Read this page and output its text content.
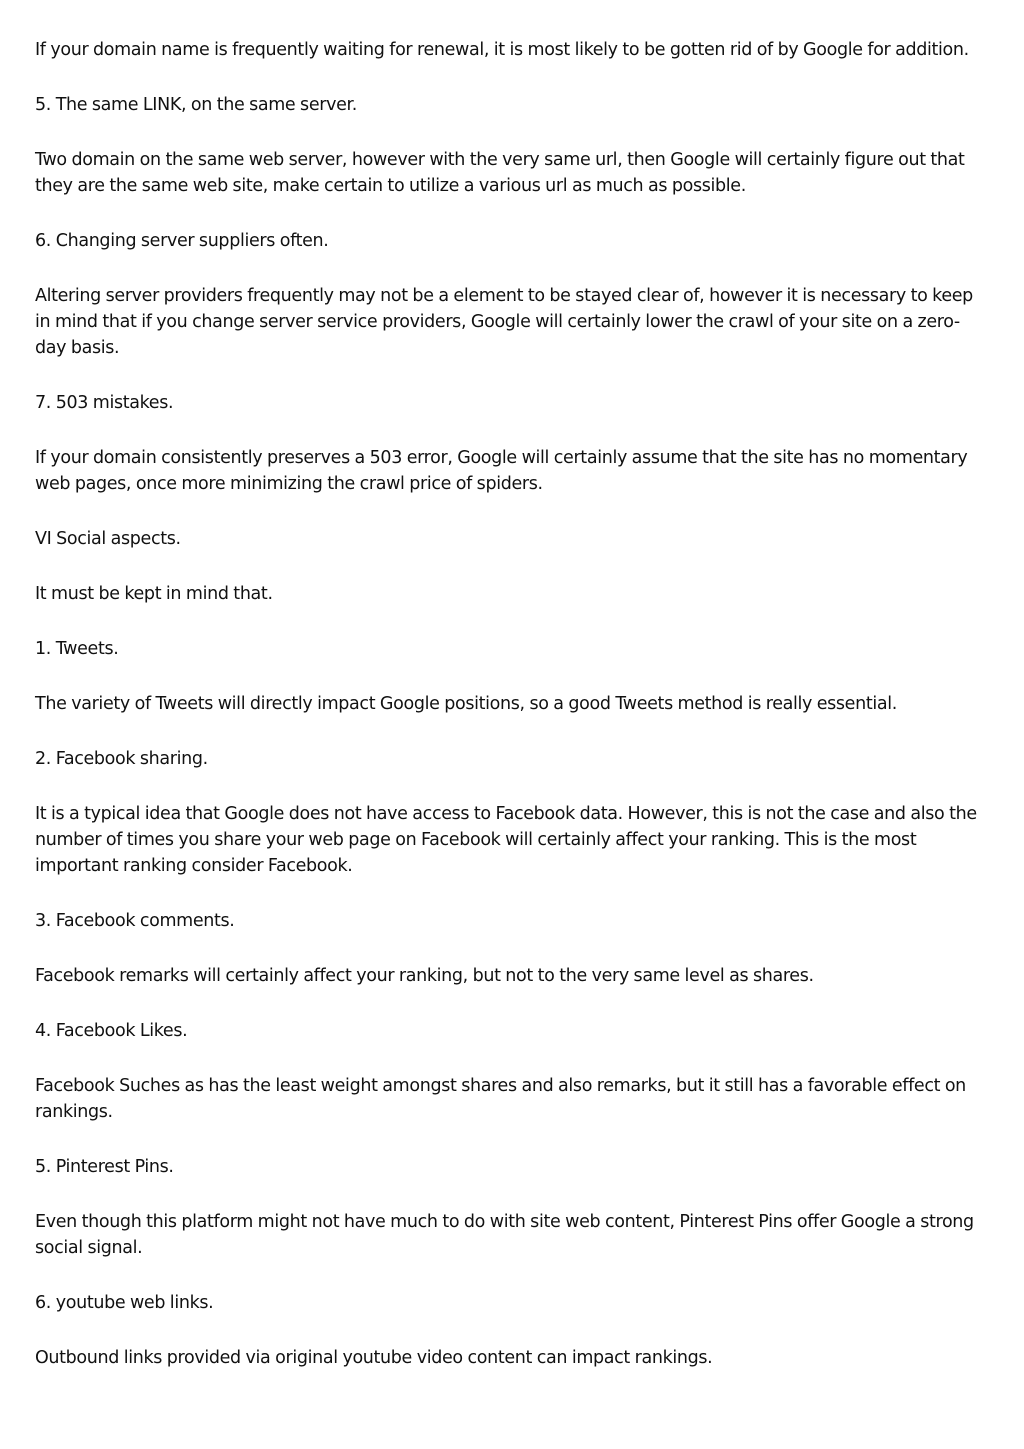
If your domain name is frequently waiting for renewal, it is most likely to be gotten rid of by Google for addition.

5. The same LINK, on the same server.

Two domain on the same web server, however with the very same url, then Google will certainly figure out that they are the same web site, make certain to utilize a various url as much as possible.

6. Changing server suppliers often.

Altering server providers frequently may not be a element to be stayed clear of, however it is necessary to keep in mind that if you change server service providers, Google will certainly lower the crawl of your site on a zero-day basis.

7. 503 mistakes.

If your domain consistently preserves a 503 error, Google will certainly assume that the site has no momentary web pages, once more minimizing the crawl price of spiders.

VI Social aspects.

It must be kept in mind that.

1. Tweets.

The variety of Tweets will directly impact Google positions, so a good Tweets method is really essential.

2. Facebook sharing.

It is a typical idea that Google does not have access to Facebook data. However, this is not the case and also the number of times you share your web page on Facebook will certainly affect your ranking. This is the most important ranking consider Facebook.

3. Facebook comments.

Facebook remarks will certainly affect your ranking, but not to the very same level as shares.

4. Facebook Likes.

Facebook Suches as has the least weight amongst shares and also remarks, but it still has a favorable effect on rankings.

5. Pinterest Pins.

Even though this platform might not have much to do with site web content, Pinterest Pins offer Google a strong social signal.

6. youtube web links.

Outbound links provided via original youtube video content can impact rankings.
